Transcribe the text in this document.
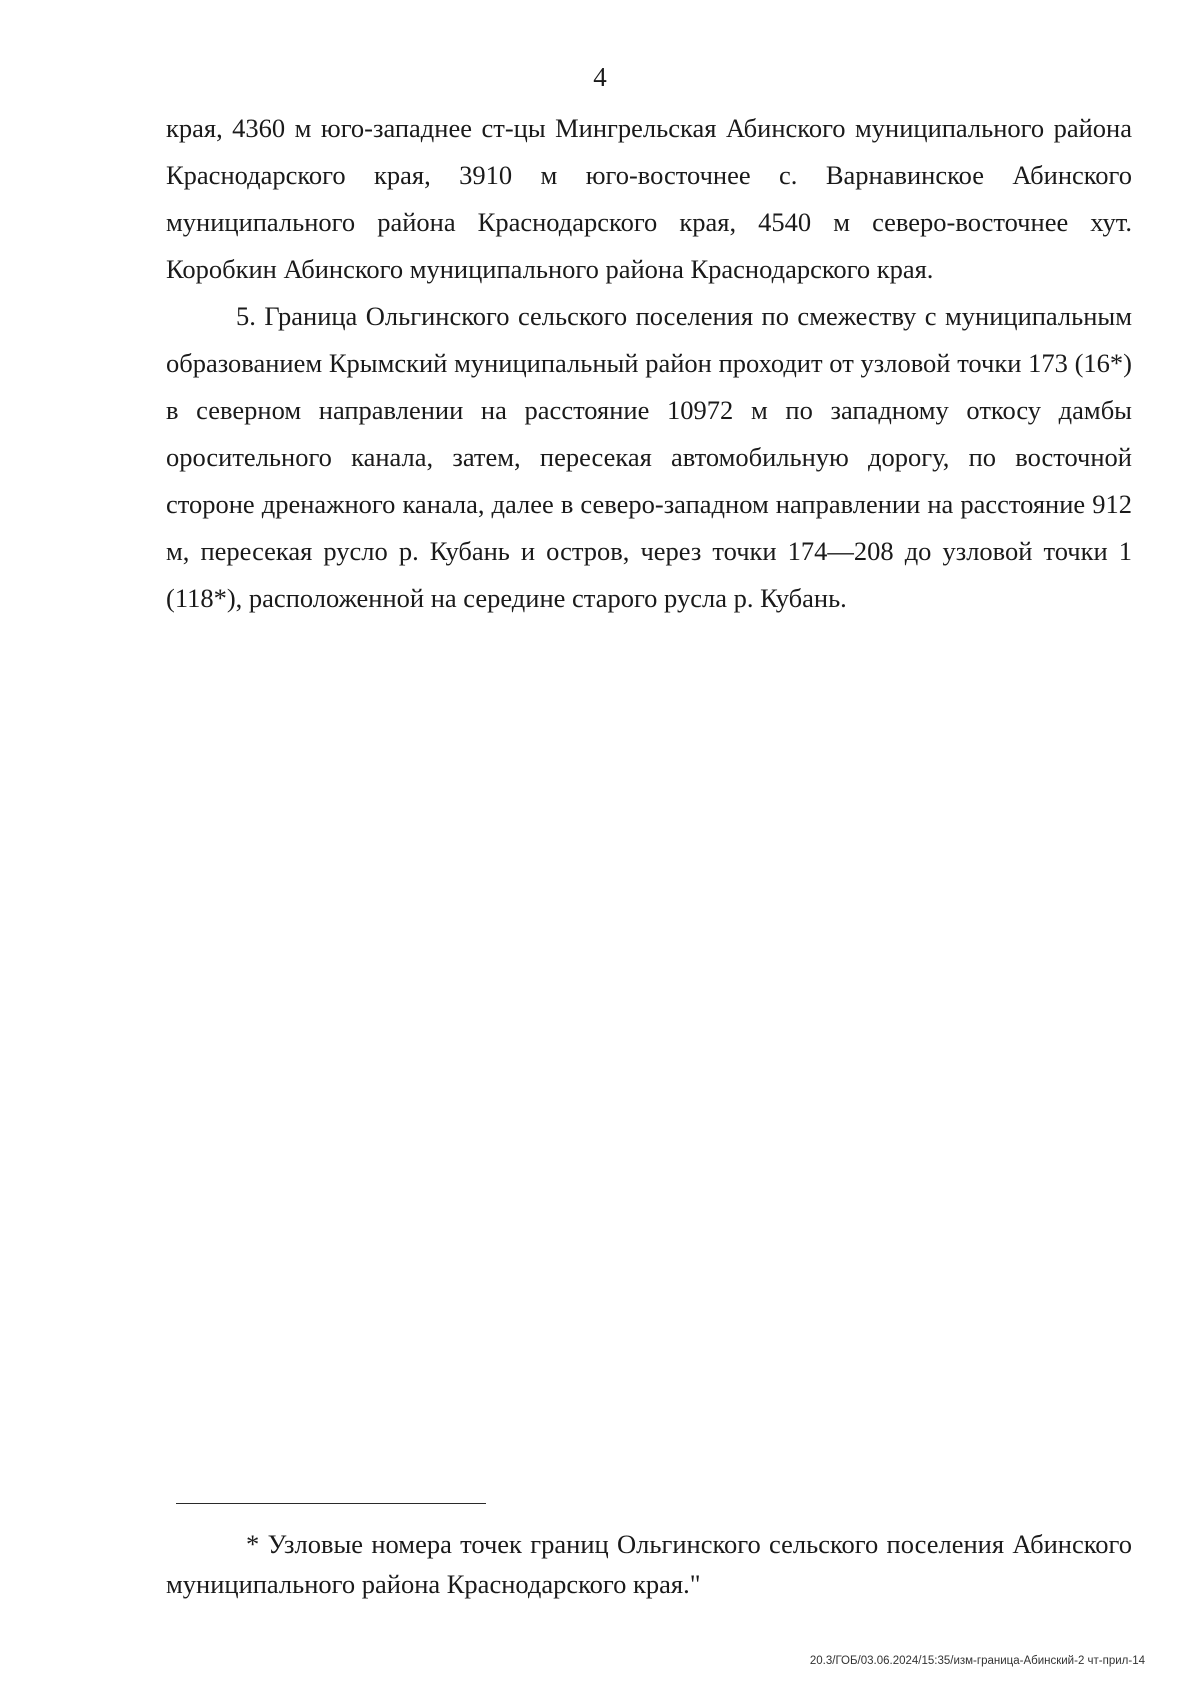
4

края, 4360 м юго-западнее ст-цы Мингрельская Абинского муниципального района Краснодарского края, 3910 м юго-восточнее с. Варнавинское Абинского муниципального района Краснодарского края, 4540 м северо-восточнее хут. Коробкин Абинского муниципального района Краснодарского края.

5. Граница Ольгинского сельского поселения по смежеству с муниципальным образованием Крымский муниципальный район проходит от узловой точки 173 (16*) в северном направлении на расстояние 10972 м по западному откосу дамбы оросительного канала, затем, пересекая автомобильную дорогу, по восточной стороне дренажного канала, далее в северо-западном направлении на расстояние 912 м, пересекая русло р. Кубань и остров, через точки 174—208 до узловой точки 1 (118*), расположенной на середине старого русла р. Кубань.

* Узловые номера точек границ Ольгинского сельского поселения Абинского муниципального района Краснодарского края."

20.3/ГОБ/03.06.2024/15:35/изм-граница-Абинский-2 чт-прил-14
